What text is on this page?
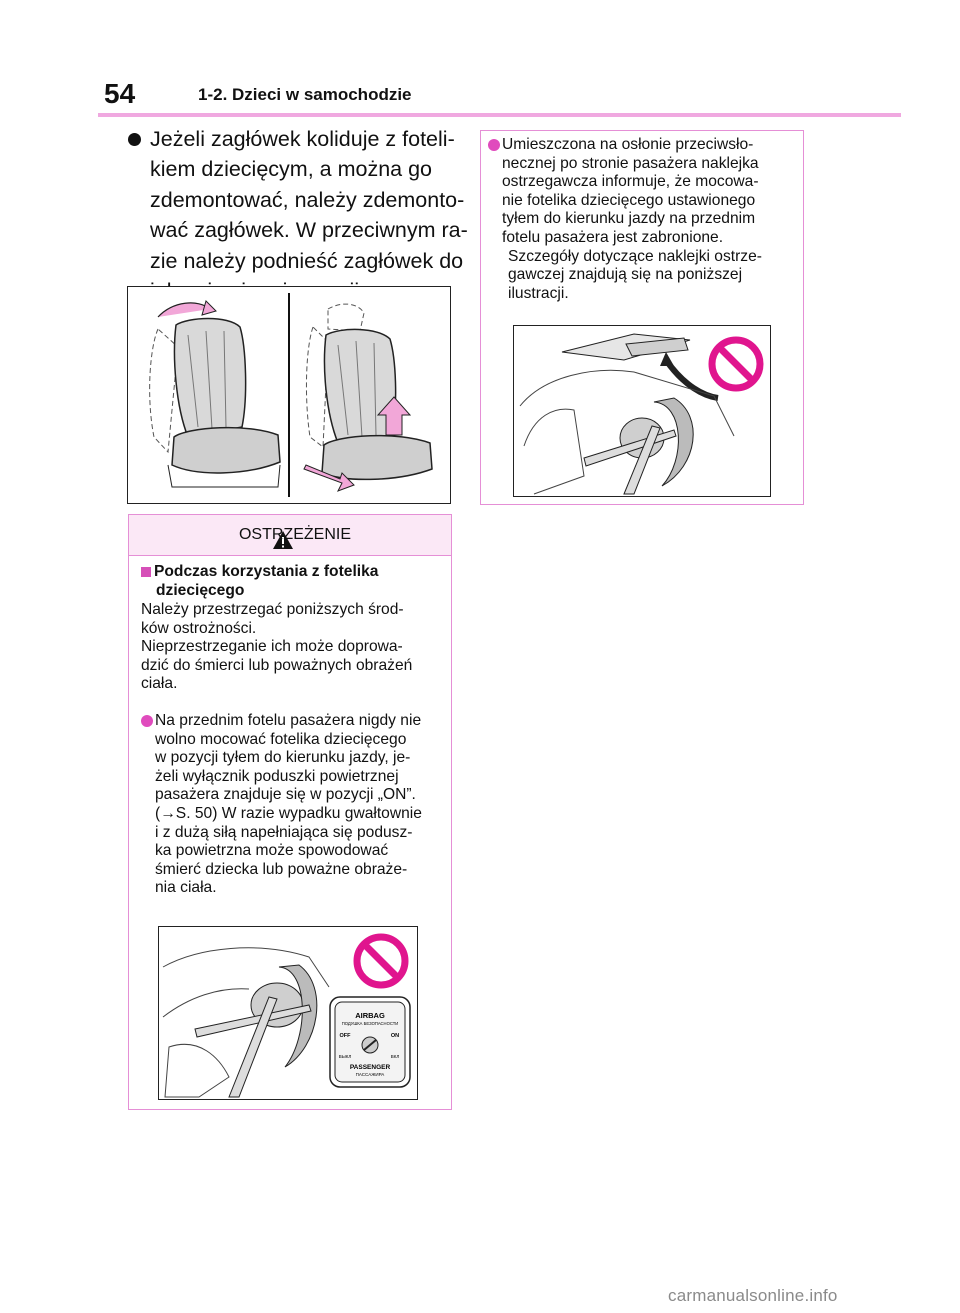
54	1-2. Dzieci w samochodzie
Jeżeli zagłówek koliduje z foteli-
kiem dziecięcym, a można go
zdemontować, należy zdemonto-
wać zagłówek. W przeciwnym ra-
zie należy podnieść zagłówek do
OSTRZEŻENIE
Podczas korzystania z fotelika
dziecięcego
Należy przestrzegać poniższych środ-
ków ostrożności.
Nieprzestrzeganie ich może doprowa-
dzić do śmierci lub poważnych obrażeń
ciała.
Na przednim fotelu pasażera nigdy nie
wolno mocować fotelika dziecięcego
w pozycji tyłem do kierunku jazdy, je-
żeli wyłącznik poduszki powietrznej
pasażera znajduje się w pozycji „ON”.
(→S. 50) W razie wypadku gwałtownie
i z dużą siłą napełniająca się podusz-
ka powietrzna może spowodować
śmierć dziecka lub poważne obraże-
nia ciała.
AIRBAG
ПОДУШКА БЕЗОПАСНОСТИ
OFF	ON
ВЫКЛ	ВКЛ
PASSENGER
ПАССАЖИРА
Umieszczona na osłonie przeciwsło-
necznej po stronie pasażera naklejka
ostrzegawcza informuje, że mocowa-
nie fotelika dziecięcego ustawionego
tyłem do kierunku jazdy na przednim
fotelu pasażera jest zabronione.
Szczegóły dotyczące naklejki ostrze-
gawczej znajdują się na poniższej
ilustracji.
carmanualsonline.info
